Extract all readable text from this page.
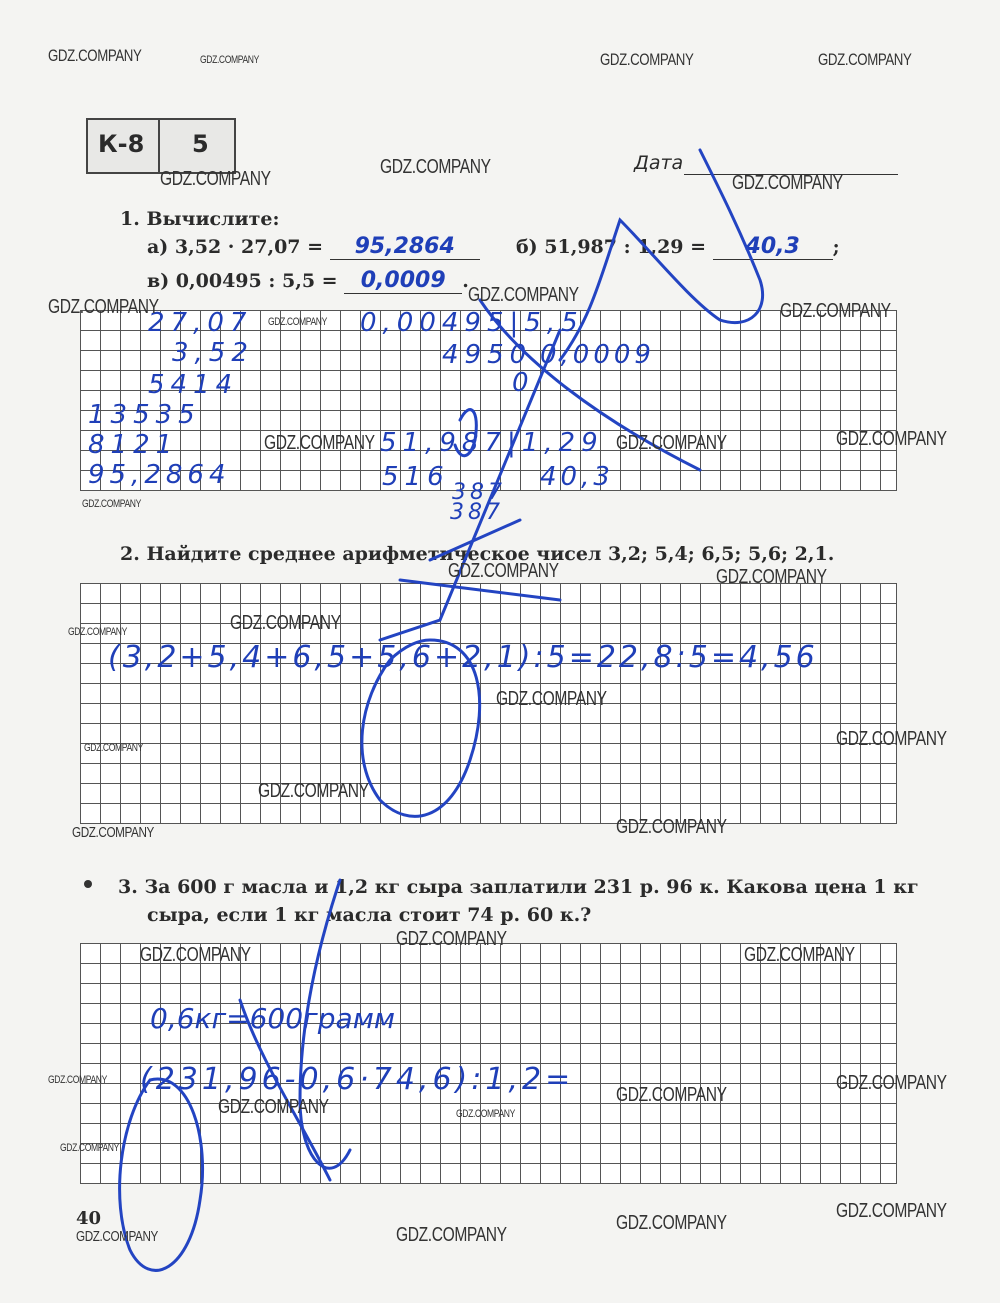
К-8 5
Дата
1. Вычислите:
а) 3,52 · 27,07 = 95,2864	б) 51,987 : 1,29 = 40,3 ;
в) 0,00495 : 5,5 = 0,0009 .
27,07
3,52
5414
13535
8121
95,2864
0,00495|5,5
4950
0
0,0009
51,987|1,29
516
387
387
40,3
2. Найдите среднее арифметическое чисел 3,2; 5,4; 6,5; 5,6; 2,1.
(3,2+5,4+6,5+5,6+2,1):5=22,8:5=4,56
3. За 600 г масла и 1,2 кг сыра заплатили 231 р. 96 к. Какова цена 1 кг
сыра, если 1 кг масла стоит 74 р. 60 к.?
0,6кг=600грамм
(231,96-0,6·74,6):1,2=
40
GDZ.COMPANY	GDZ.COMPANY	GDZ.COMPANY	GDZ.COMPANY
GDZ.COMPANY
GDZ.COMPANY
GDZ.COMPANY
GDZ.COMPANY
GDZ.COMPANY
GDZ.COMPANY
GDZ.COMPANY
GDZ.COMPANY	GDZ.COMPANY	GDZ.COMPANY
GDZ.COMPANY
GDZ.COMPANY	GDZ.COMPANY
GDZ.COMPANY	GDZ.COMPANY
GDZ.COMPANY
GDZ.COMPANY	GDZ.COMPANY
GDZ.COMPANY
GDZ.COMPANY	GDZ.COMPANY
GDZ.COMPANY
GDZ.COMPANY	GDZ.COMPANY
GDZ.COMPANY	GDZ.COMPANY
GDZ.COMPANY
GDZ.COMPANY	GDZ.COMPANY
GDZ.COMPANY
GDZ.COMPANY
GDZ.COMPANY
GDZ.COMPANY
GDZ.COMPANY
